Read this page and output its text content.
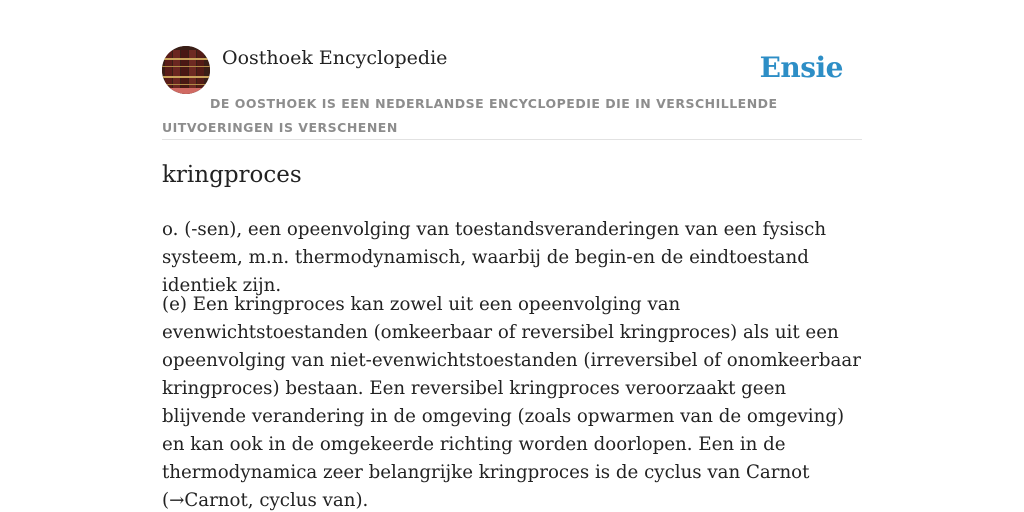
Oosthoek Encyclopedie	Ensie
DE OOSTHOEK IS EEN NEDERLANDSE ENCYCLOPEDIE DIE IN VERSCHILLENDE UITVOERINGEN IS VERSCHENEN
kringproces

o. (-sen), een opeenvolging van toestandsveranderingen van een fysisch systeem, m.n. thermodynamisch, waarbij de begin-en de eindtoestand identiek zijn.

(e) Een kringproces kan zowel uit een opeenvolging van evenwichtstoestanden (omkeerbaar of reversibel kringproces) als uit een opeenvolging van niet-evenwichtstoestanden (irreversibel of onomkeerbaar kringproces) bestaan. Een reversibel kringproces veroorzaakt geen blijvende verandering in de omgeving (zoals opwarmen van de omgeving) en kan ook in de omgekeerde richting worden doorlopen. Een in de thermodynamica zeer belangrijke kringproces is de cyclus van Carnot (→Carnot, cyclus van).
